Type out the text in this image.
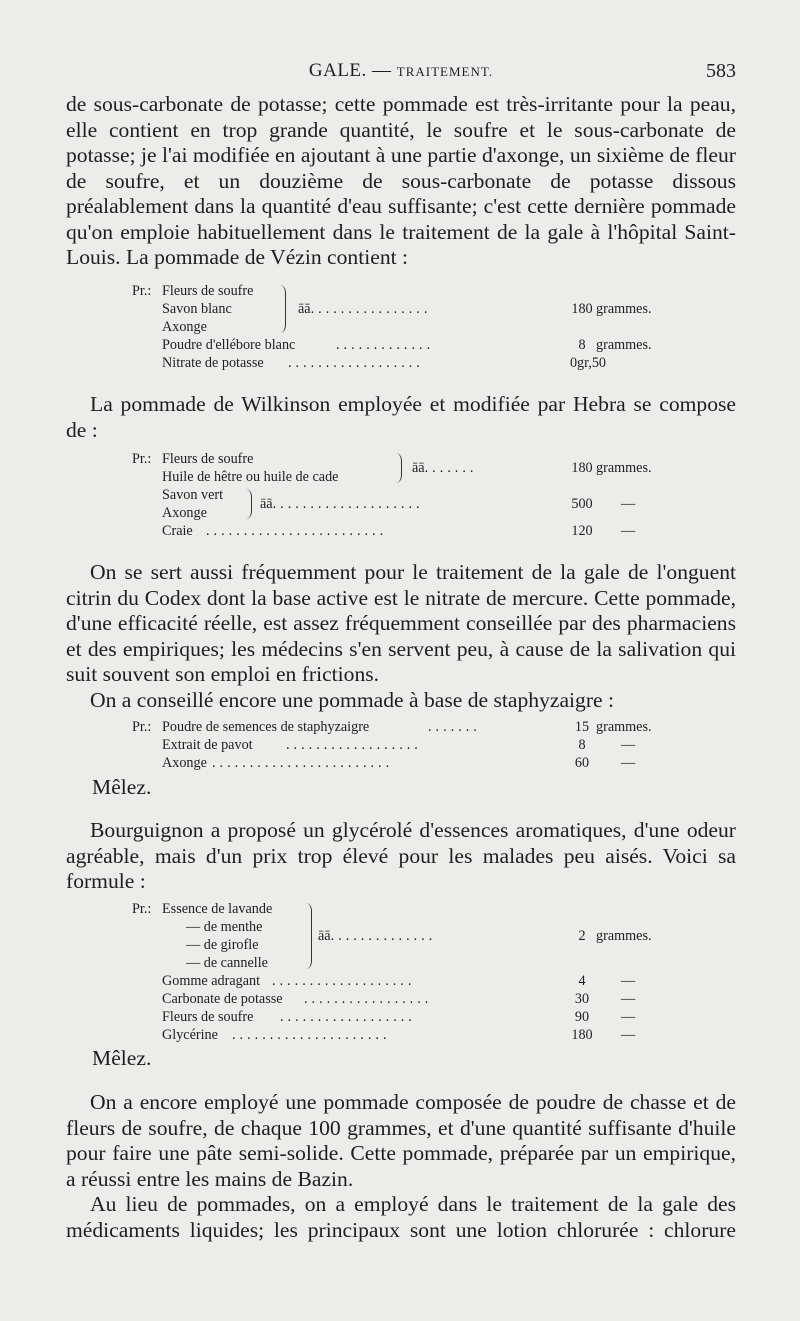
GALE. — TRAITEMENT.	583

de sous-carbonate de potasse; cette pommade est très-irritante pour la peau, elle contient en trop grande quantité, le soufre et le sous-carbonate de potasse; je l'ai modifiée en ajoutant à une partie d'axonge, un sixième de fleur de soufre, et un douzième de sous-carbonate de potasse dissous préalablement dans la quantité d'eau suffisante; c'est cette dernière pommade qu'on emploie habituellement dans le traitement de la gale à l'hôpital Saint-Louis. La pommade de Vézin contient :

Pr.: Fleurs de soufre
Savon blanc	āā................	180 grammes.
Axonge
Poudre d'ellébore blanc	.............	8 grammes.
Nitrate de potasse ..................	0gr,50

La pommade de Wilkinson employée et modifiée par Hebra se compose de :

Pr.: Fleurs de soufre
Huile de hêtre ou huile de cade
āā.......	180 grammes.
Savon vert
āā....................	500	—
Axonge
Craie ........................	120	—

On se sert aussi fréquemment pour le traitement de la gale de l'onguent citrin du Codex dont la base active est le nitrate de mercure. Cette pommade, d'une efficacité réelle, est assez fréquemment conseillée par des pharmaciens et des empiriques; les médecins s'en servent peu, à cause de la salivation qui suit souvent son emploi en frictions.

On a conseillé encore une pommade à base de staphyzaigre :

Pr.: Poudre de semences de staphyzaigre	.......	15 grammes.
Extrait de pavot ..................	8	—
Axonge ........................	60	—
Mêlez.

Bourguignon a proposé un glycérolé d'essences aromatiques, d'une odeur agréable, mais d'un prix trop élevé pour les malades peu aisés. Voici sa formule :

Pr.: Essence de lavande
— de menthe
āā..............	2 grammes.
— de girofle
— de cannelle
Gomme adragant ...................	4	—
Carbonate de potasse .................	30	—
Fleurs de soufre ..................	90	—
Glycérine .....................	180	—
Mêlez.

On a encore employé une pommade composée de poudre de chasse et de fleurs de soufre, de chaque 100 grammes, et d'une quantité suffisante d'huile pour faire une pâte semi-solide. Cette pommade, préparée par un empirique, a réussi entre les mains de Bazin.

Au lieu de pommades, on a employé dans le traitement de la gale des médicaments liquides; les principaux sont une lotion chlorurée : chlorure
